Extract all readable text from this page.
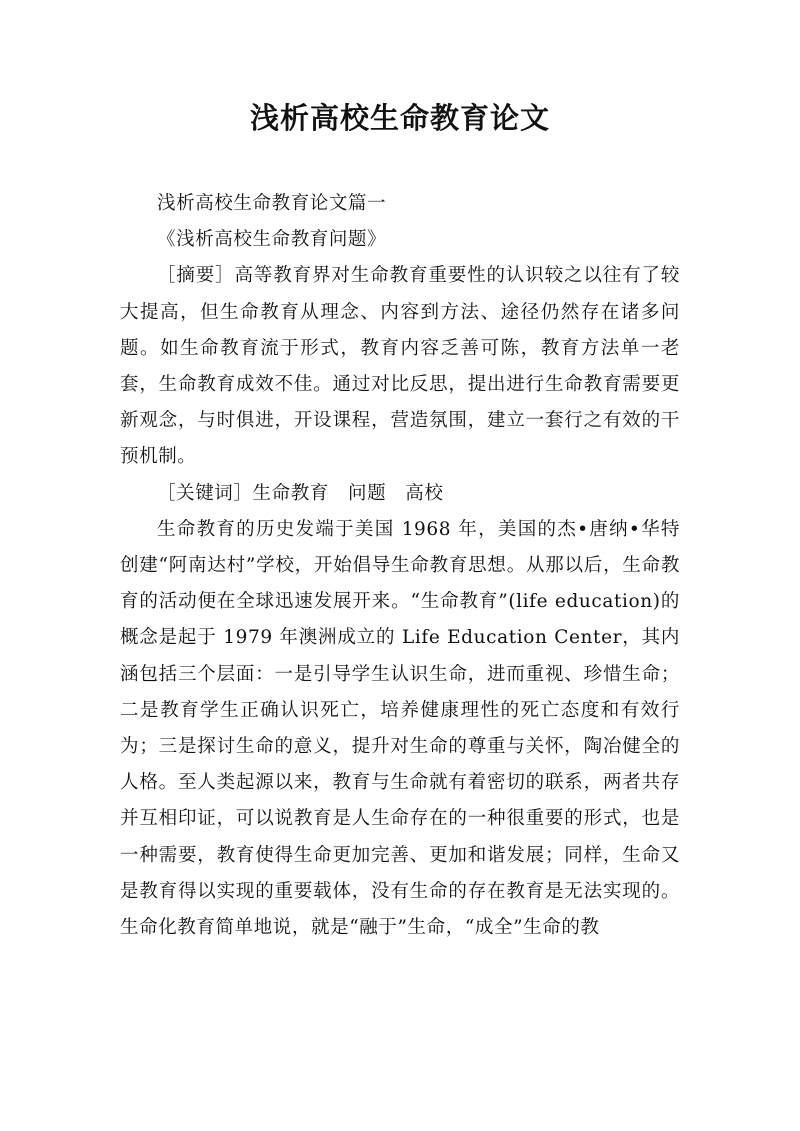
浅析高校生命教育论文

浅析高校生命教育论文篇一

《浅析高校生命教育问题》

［摘要］高等教育界对生命教育重要性的认识较之以往有了较大提高，但生命教育从理念、内容到方法、途径仍然存在诸多问题。如生命教育流于形式，教育内容乏善可陈，教育方法单一老套，生命教育成效不佳。通过对比反思，提出进行生命教育需要更新观念，与时俱进，开设课程，营造氛围，建立一套行之有效的干预机制。

［关键词］生命教育　问题　高校

生命教育的历史发端于美国 1968 年，美国的杰•唐纳•华特创建“阿南达村”学校，开始倡导生命教育思想。从那以后，生命教育的活动便在全球迅速发展开来。“生命教育”(life education)的概念是起于 1979 年澳洲成立的 Life Education Center，其内涵包括三个层面：一是引导学生认识生命，进而重视、珍惜生命；二是教育学生正确认识死亡，培养健康理性的死亡态度和有效行为；三是探讨生命的意义，提升对生命的尊重与关怀，陶冶健全的人格。至人类起源以来，教育与生命就有着密切的联系，两者共存并互相印证，可以说教育是人生命存在的一种很重要的形式，也是一种需要，教育使得生命更加完善、更加和谐发展；同样，生命又是教育得以实现的重要载体，没有生命的存在教育是无法实现的。生命化教育简单地说，就是“融于”生命，“成全”生命的教
